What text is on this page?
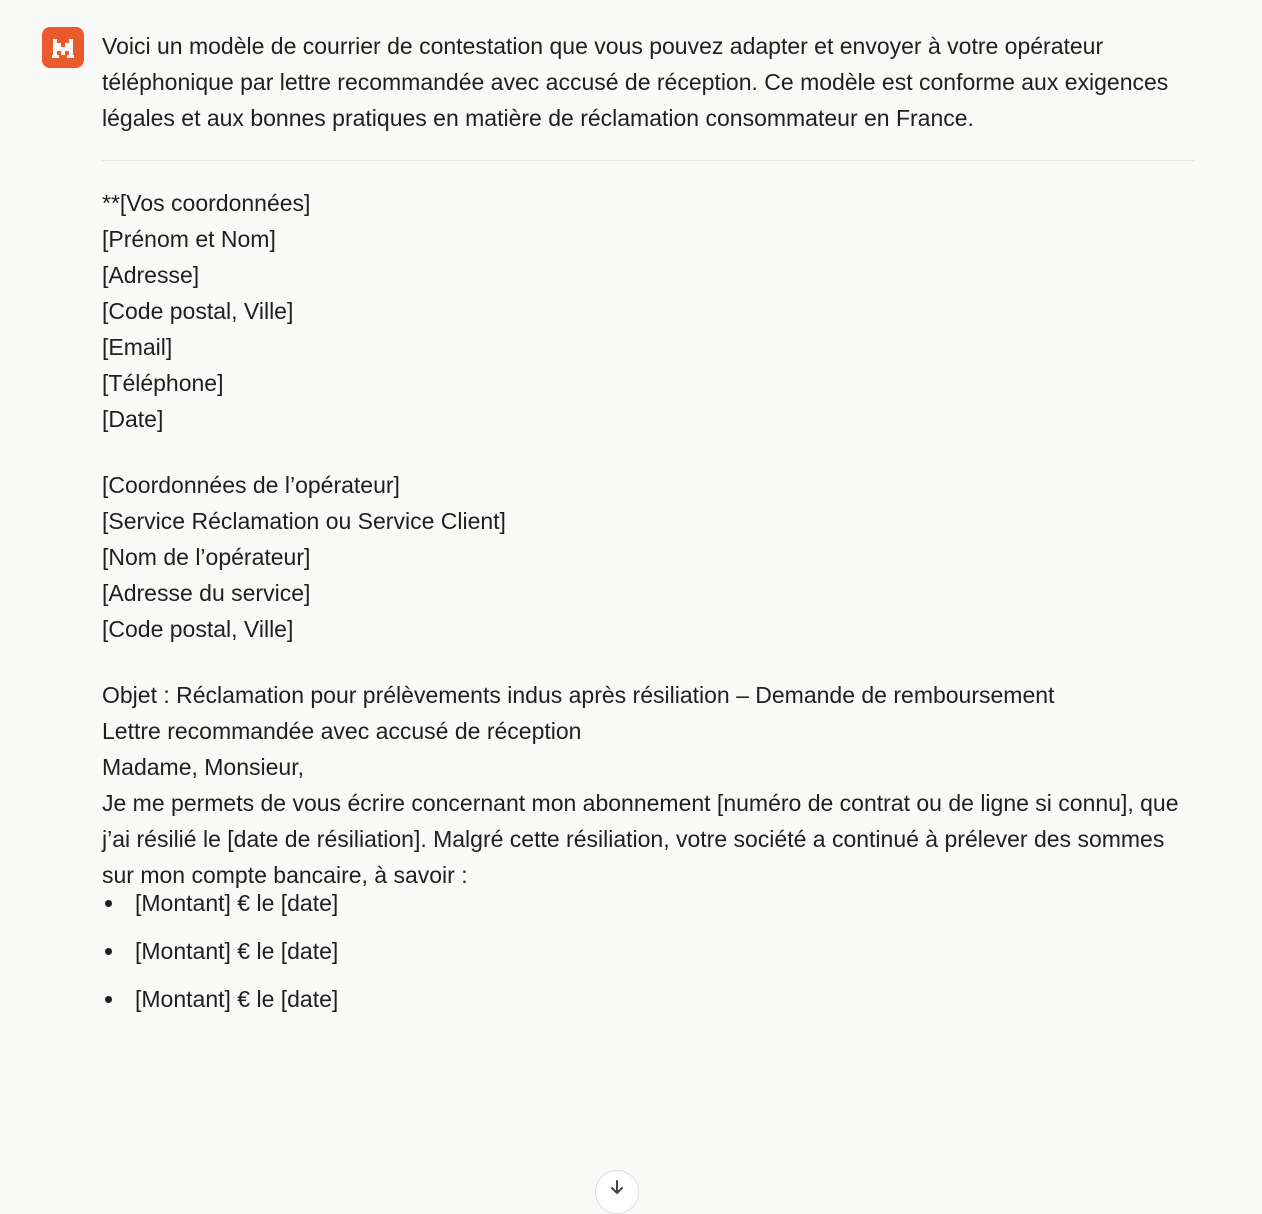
Voici un modèle de courrier de contestation que vous pouvez adapter et envoyer à votre opérateur téléphonique par lettre recommandée avec accusé de réception. Ce modèle est conforme aux exigences légales et aux bonnes pratiques en matière de réclamation consommateur en France.

**[Vos coordonnées]
[Prénom et Nom]
[Adresse]
[Code postal, Ville]
[Email]
[Téléphone]
[Date]
[Coordonnées de l’opérateur]
[Service Réclamation ou Service Client]
[Nom de l’opérateur]
[Adresse du service]
[Code postal, Ville]

Objet : Réclamation pour prélèvements indus après résiliation – Demande de remboursement

Lettre recommandée avec accusé de réception

Madame, Monsieur,

Je me permets de vous écrire concernant mon abonnement [numéro de contrat ou de ligne si connu], que j’ai résilié le [date de résiliation]. Malgré cette résiliation, votre société a continué à prélever des sommes sur mon compte bancaire, à savoir :

[Montant] € le [date]
[Montant] € le [date]
[Montant] € le [date]
